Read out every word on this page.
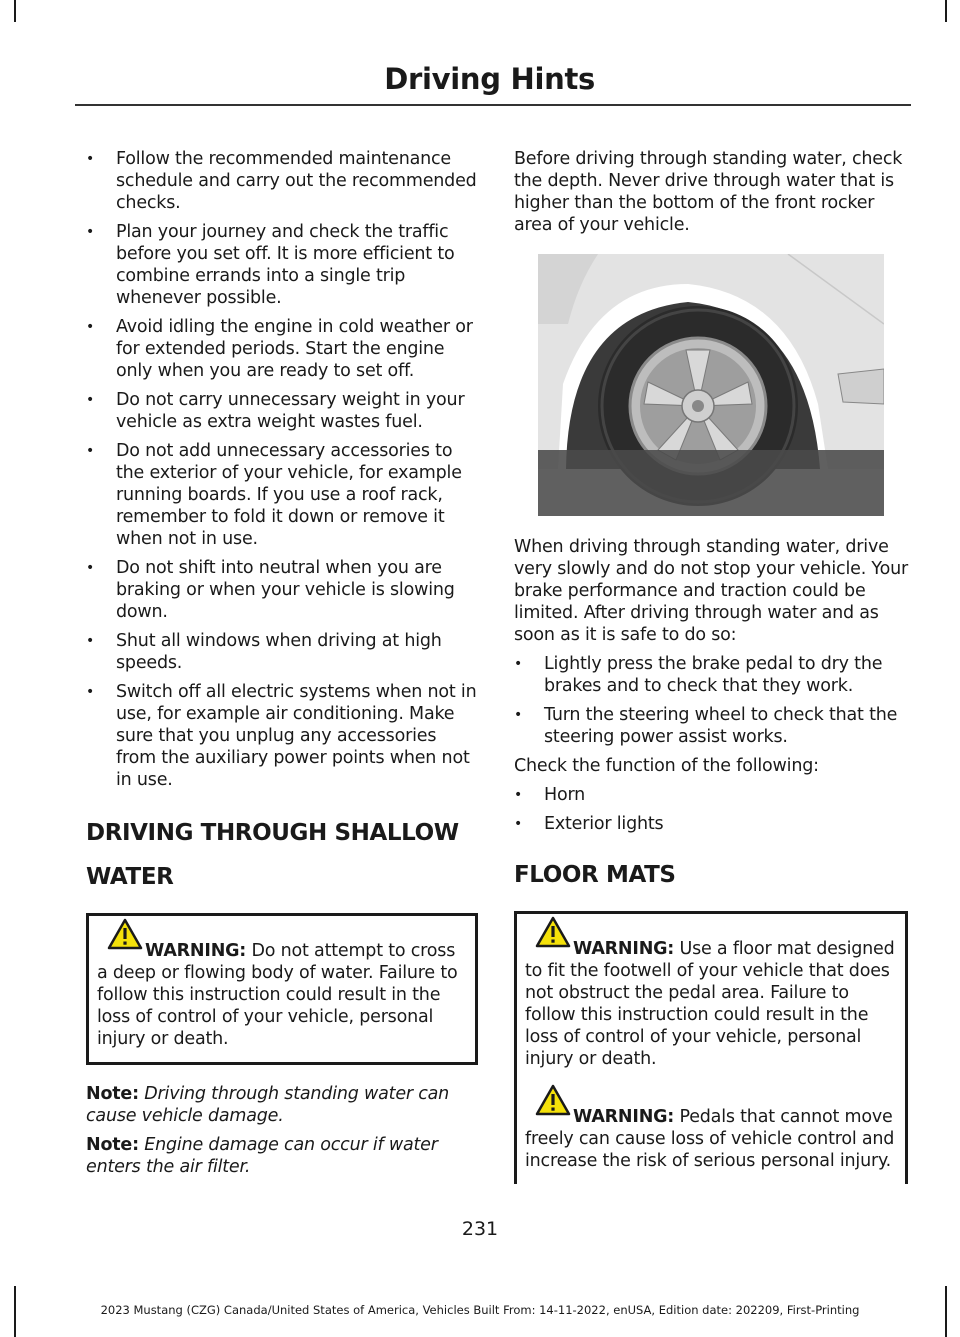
Driving Hints
• Follow the recommended maintenance schedule and carry out the recommended checks.
• Plan your journey and check the traffic before you set off. It is more efficient to combine errands into a single trip whenever possible.
• Avoid idling the engine in cold weather or for extended periods. Start the engine only when you are ready to set off.
• Do not carry unnecessary weight in your vehicle as extra weight wastes fuel.
• Do not add unnecessary accessories to the exterior of your vehicle, for example running boards. If you use a roof rack, remember to fold it down or remove it when not in use.
• Do not shift into neutral when you are braking or when your vehicle is slowing down.
• Shut all windows when driving at high speeds.
• Switch off all electric systems when not in use, for example air conditioning. Make sure that you unplug any accessories from the auxiliary power points when not in use.
DRIVING THROUGH SHALLOW WATER
WARNING: Do not attempt to cross a deep or flowing body of water. Failure to follow this instruction could result in the loss of control of your vehicle, personal injury or death.

Note: Driving through standing water can cause vehicle damage.

Note: Engine damage can occur if water enters the air filter.

Before driving through standing water, check the depth. Never drive through water that is higher than the bottom of the front rocker area of your vehicle.

When driving through standing water, drive very slowly and do not stop your vehicle. Your brake performance and traction could be limited. After driving through water and as soon as it is safe to do so:

• Lightly press the brake pedal to dry the brakes and to check that they work.
• Turn the steering wheel to check that the steering power assist works.

Check the function of the following:

• Horn
• Exterior lights
FLOOR MATS
WARNING: Use a floor mat designed to fit the footwell of your vehicle that does not obstruct the pedal area. Failure to follow this instruction could result in the loss of control of your vehicle, personal injury or death.
WARNING: Pedals that cannot move freely can cause loss of vehicle control and increase the risk of serious personal injury.
231
2023 Mustang (CZG) Canada/United States of America, Vehicles Built From: 14-11-2022, enUSA, Edition date: 202209, First-Printing
